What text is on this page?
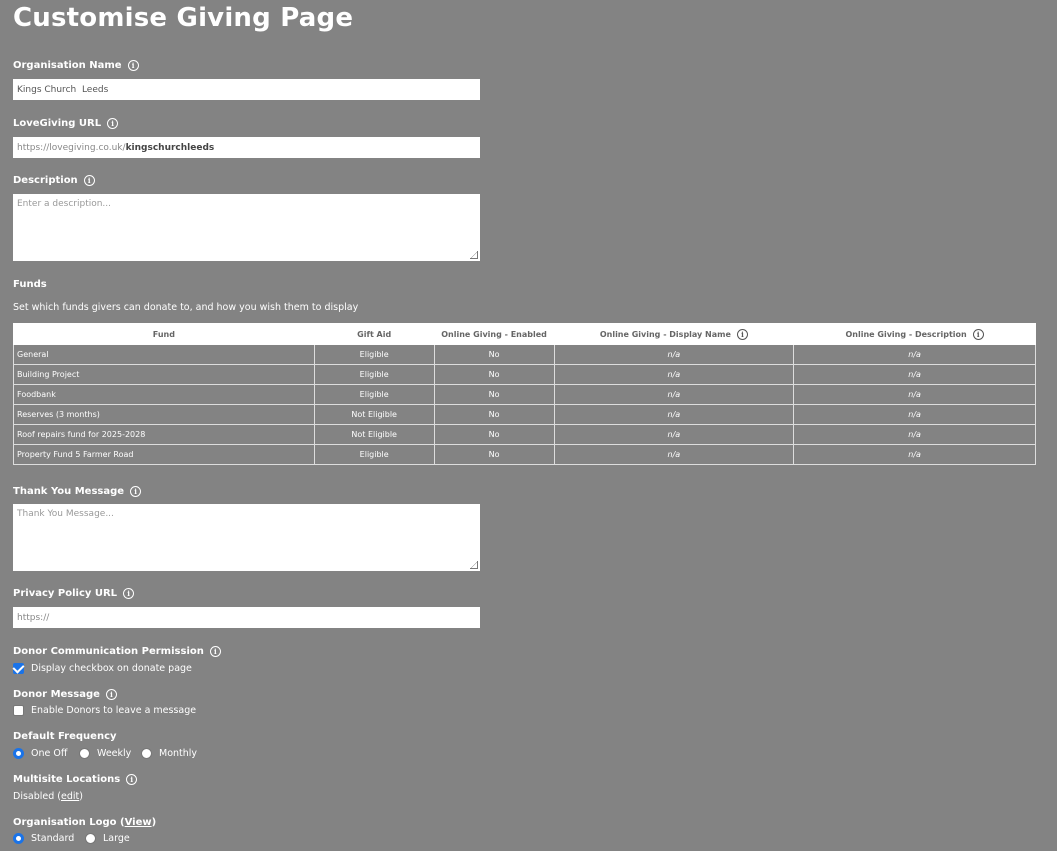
Customise Giving Page
Organisation Name	i
Kings Church  Leeds
LoveGiving URL	i
https://lovegiving.co.uk/ kingschurchleeds
Description	i
Enter a description...
Funds
Set which funds givers can donate to, and how you wish them to display
Fund	Gift Aid	Online Giving - Enabled	Online Giving - Display Name i	Online Giving - Description i

General	Eligible	No	n/a	n/a
Building Project	Eligible	No	n/a	n/a
Foodbank	Eligible	No	n/a	n/a
Reserves (3 months)	Not Eligible	No	n/a	n/a
Roof repairs fund for 2025-2028	Not Eligible	No	n/a	n/a
Property Fund 5 Farmer Road	Eligible	No	n/a	n/a
Thank You Message	i
Thank You Message...
Privacy Policy URL	i
https://
Donor Communication Permission	i
Display checkbox on donate page
Donor Message	i
Enable Donors to leave a message
Default Frequency
One Off	Weekly	Monthly
Multisite Locations	i
Disabled (edit)
Organisation Logo ( View )
Standard	Large
